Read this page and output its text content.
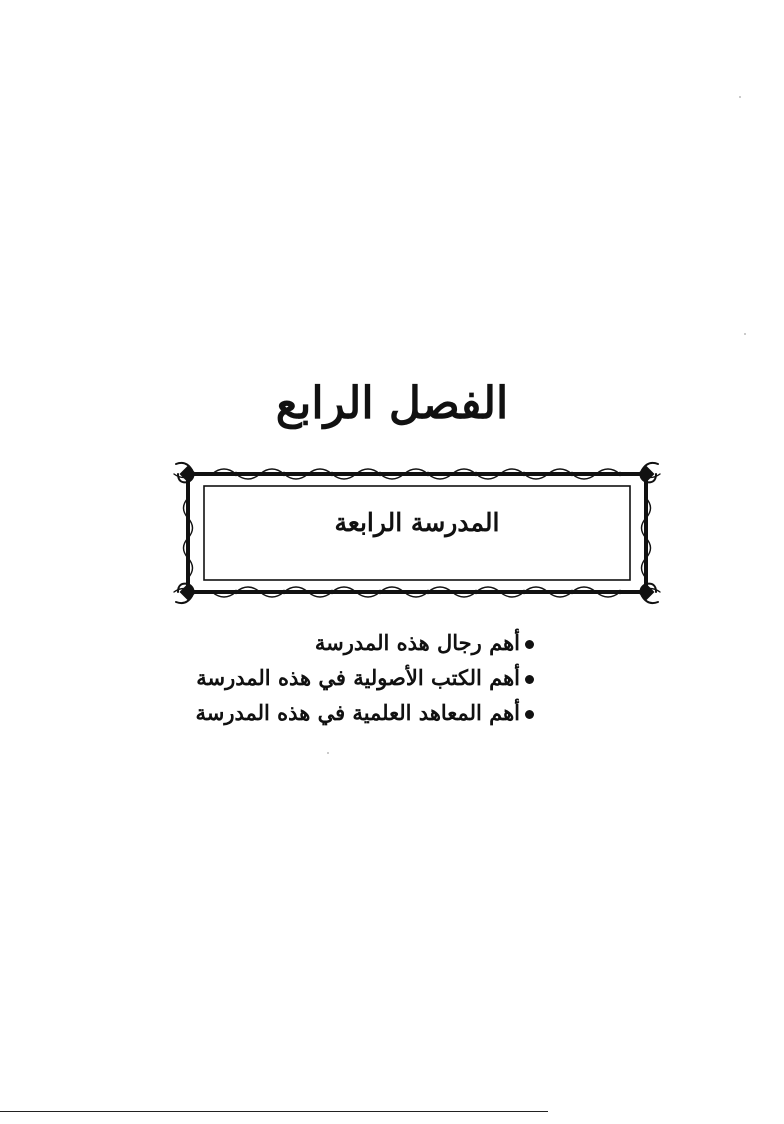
الفصل الرابع
المدرسة الرابعة
أهم رجال هذه المدرسة
أهم الكتب الأصولية في هذه المدرسة
أهم المعاهد العلمية في هذه المدرسة
